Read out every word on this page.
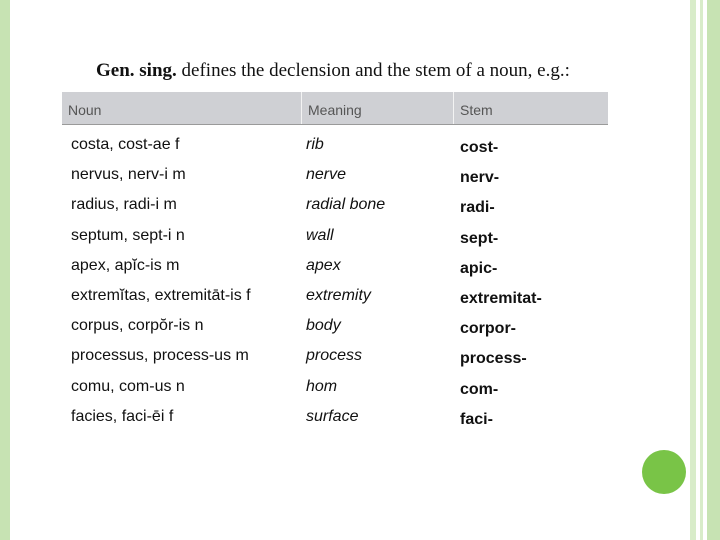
Gen. sing. defines the declension and the stem of a noun, e.g.:
Noun	Meaning	Stem
costa, cost-ae f	rib	cost-
nervus, nerv-i m	nerve	nerv-
radius, radi-i m	radial bone	radi-
septum, sept-i n	wall	sept-
apex, apĭc-is m	apex	apic-
extremĭtas, extremitāt-is f	extremity	extremitat-
corpus, corpŏr-is n	body	corpor-
processus, process-us m	process	process-
comu, com-us n	hom	com-
facies, faci-ēi f	surface	faci-
